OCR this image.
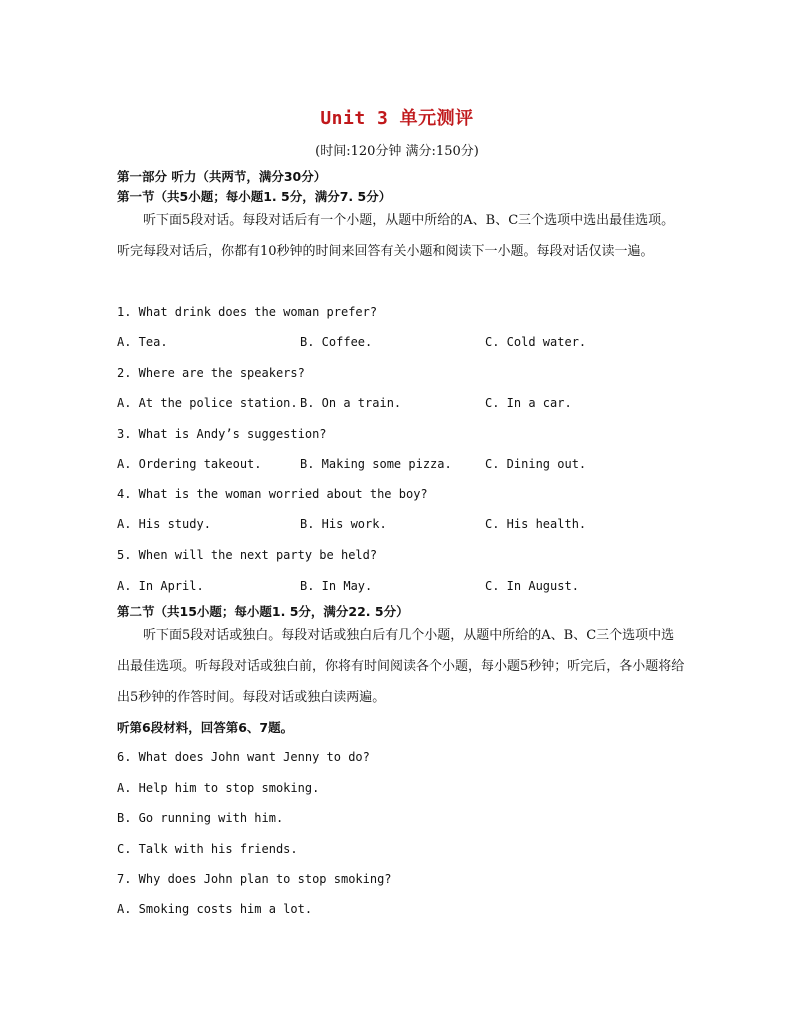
Unit 3 单元测评
(时间:120分钟 满分:150分)
第一部分 听力（共两节，满分30分）
第一节（共5小题；每小题1. 5分，满分7. 5分）

听下面5段对话。每段对话后有一个小题，从题中所给的A、B、C三个选项中选出最佳选项。听完每段对话后，你都有10秒钟的时间来回答有关小题和阅读下一小题。每段对话仅读一遍。

1. What drink does the woman prefer?
A. Tea.	B. Coffee.	C. Cold water.
2. Where are the speakers?
A. At the police station. B. On a train.	C. In a car.
3. What is Andy’s suggestion?
A. Ordering takeout.	B. Making some pizza.	C. Dining out.
4. What is the woman worried about the boy?
A. His study.	B. His work.	C. His health.
5. When will the next party be held?
A. In April.	B. In May.	C. In August.
第二节（共15小题；每小题1. 5分，满分22. 5分）

听下面5段对话或独白。每段对话或独白后有几个小题，从题中所给的A、B、C三个选项中选出最佳选项。听每段对话或独白前，你将有时间阅读各个小题，每小题5秒钟；听完后，各小题将给出5秒钟的作答时间。每段对话或独白读两遍。

听第6段材料，回答第6、7题。
6. What does John want Jenny to do?
A. Help him to stop smoking.
B. Go running with him.
C. Talk with his friends.
7. Why does John plan to stop smoking?
A. Smoking costs him a lot.
